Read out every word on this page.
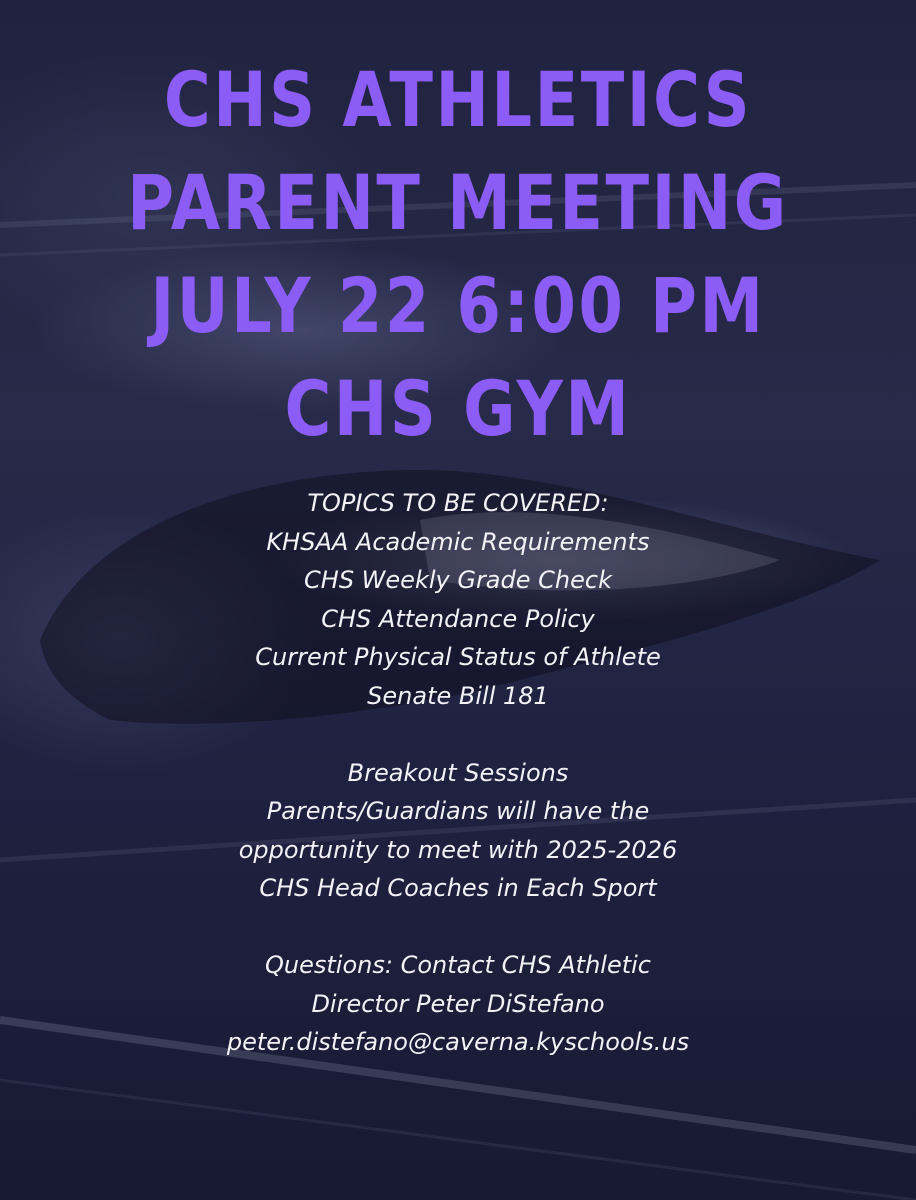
CHS ATHLETICS
PARENT MEETING
JULY 22 6:00 PM
CHS GYM
TOPICS TO BE COVERED:
KHSAA Academic Requirements
CHS Weekly Grade Check
CHS Attendance Policy
Current Physical Status of Athlete
Senate Bill 181
Breakout Sessions
Parents/Guardians will have the
opportunity to meet with 2025-2026
CHS Head Coaches in Each Sport
Questions: Contact CHS Athletic
Director Peter DiStefano
peter.distefano@caverna.kyschools.us
